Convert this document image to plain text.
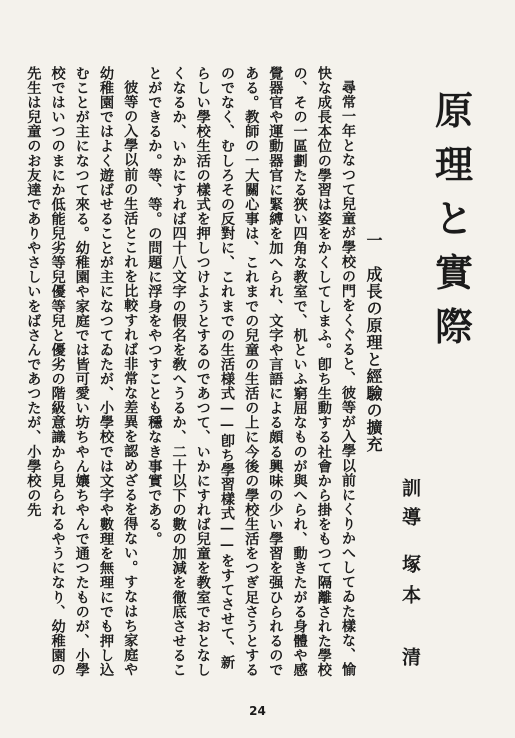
原
理
と
實
際
訓導
塚本　清
一　成長の原理と經驗の擴充

尋常一年となつて兒童が學校の門をくぐると、彼等が入學以前にくりかへしてゐた樣な、愉快な成長本位の學習は姿をかくしてしまふ。卽ち生動する社會から掛をもつて隔離された學校の、その一區劃たる狹い四角な教室で、机といふ窮屈なものが與へられ、動きたがる身體や感覺器官や運動器官に緊縛を加へられ、文字や言語による頗る興味の少い學習を强ひられるのである。教師の一大關心事は、これまでの兒童の生活の上に今後の學校生活をつぎ足さうとするのでなく、むしろその反對に、これまでの生活様式——卽ち學習樣式——をすてさせて、新らしい學校生活の樣式を押しつけようとするのであつて、いかにすれば兒童を教室でおとなしくなるか、いかにすれば四十八文字の假名を敎へうるか、二十以下の數の加減を徹底させることができるか。等、等。の問題に浮身をやつすことも穩なき事實である。

彼等の入學以前の生活とこれを比較すれば非常な差異を認めざるを得ない。すなはち家庭や幼稚園ではよく遊ばせることが主になつてゐたが、小學校では文字や數理を無理にでも押し込むことが主になつて來る。幼稚園や家庭では皆可愛い坊ちやん孃ちやんで通つたものが、小學校ではいつのまにか低能兒劣等兒優等兒と優劣の階級意識から見られるやうになり、幼稚園の先生は兒童のお友達でありやさしいをばさんであつたが、小學校の先

24
